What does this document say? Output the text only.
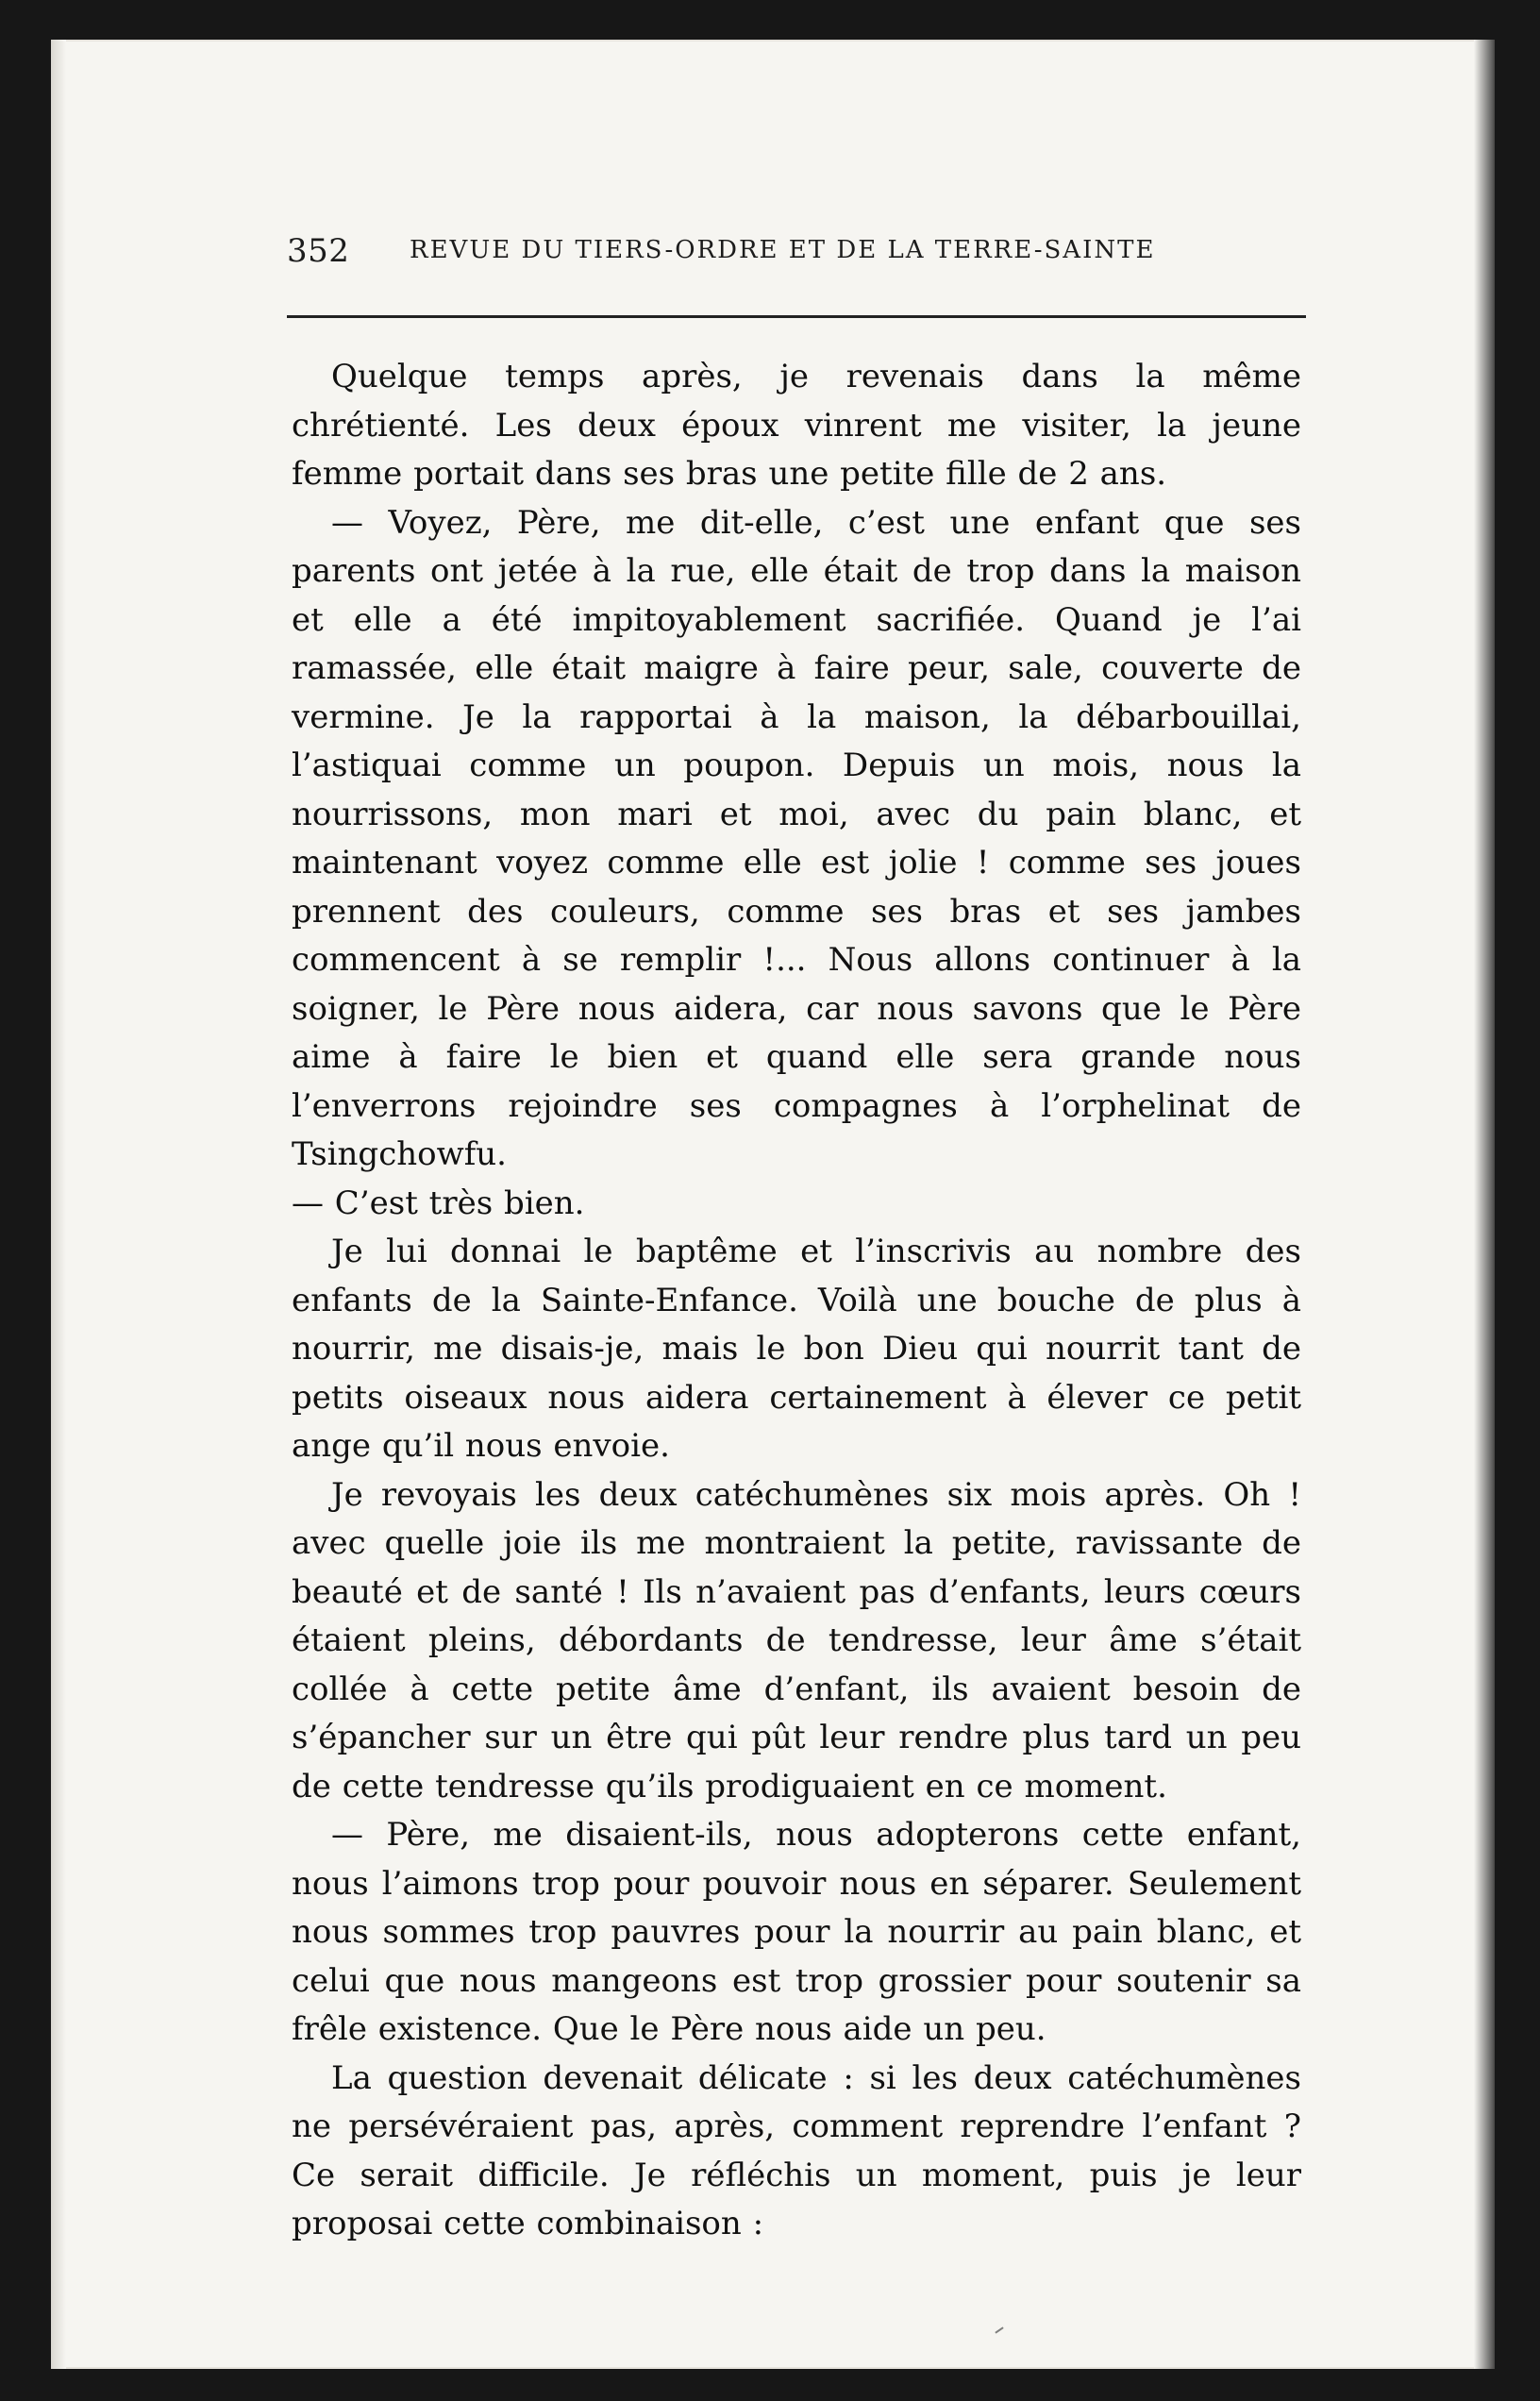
352 REVUE DU TIERS-ORDRE ET DE LA TERRE-SAINTE

Quelque temps après, je revenais dans la même chrétienté. Les deux époux vinrent me visiter, la jeune femme portait dans ses bras une petite fille de 2 ans.

— Voyez, Père, me dit-elle, c’est une enfant que ses parents ont jetée à la rue, elle était de trop dans la maison et elle a été impitoyablement sacrifiée. Quand je l’ai ramassée, elle était maigre à faire peur, sale, couverte de vermine. Je la rapportai à la maison, la débarbouillai, l’astiquai comme un poupon. Depuis un mois, nous la nourrissons, mon mari et moi, avec du pain blanc, et maintenant voyez comme elle est jolie ! comme ses joues prennent des couleurs, comme ses bras et ses jambes commencent à se remplir !... Nous allons continuer à la soigner, le Père nous aidera, car nous savons que le Père aime à faire le bien et quand elle sera grande nous l’enverrons rejoindre ses compagnes à l’orphelinat de Tsingchowfu.

— C’est très bien.

Je lui donnai le baptême et l’inscrivis au nombre des enfants de la Sainte-Enfance. Voilà une bouche de plus à nourrir, me disais-je, mais le bon Dieu qui nourrit tant de petits oiseaux nous aidera certainement à élever ce petit ange qu’il nous envoie.

Je revoyais les deux catéchumènes six mois après. Oh ! avec quelle joie ils me montraient la petite, ravissante de beauté et de santé ! Ils n’avaient pas d’enfants, leurs cœurs étaient pleins, débordants de tendresse, leur âme s’était collée à cette petite âme d’enfant, ils avaient besoin de s’épancher sur un être qui pût leur rendre plus tard un peu de cette tendresse qu’ils prodiguaient en ce moment.

— Père, me disaient-ils, nous adopterons cette enfant, nous l’aimons trop pour pouvoir nous en séparer. Seulement nous sommes trop pauvres pour la nourrir au pain blanc, et celui que nous mangeons est trop grossier pour soutenir sa frêle existence. Que le Père nous aide un peu.

La question devenait délicate : si les deux catéchumènes ne persévéraient pas, après, comment reprendre l’enfant ? Ce serait difficile. Je réfléchis un moment, puis je leur proposai cette combinaison :
